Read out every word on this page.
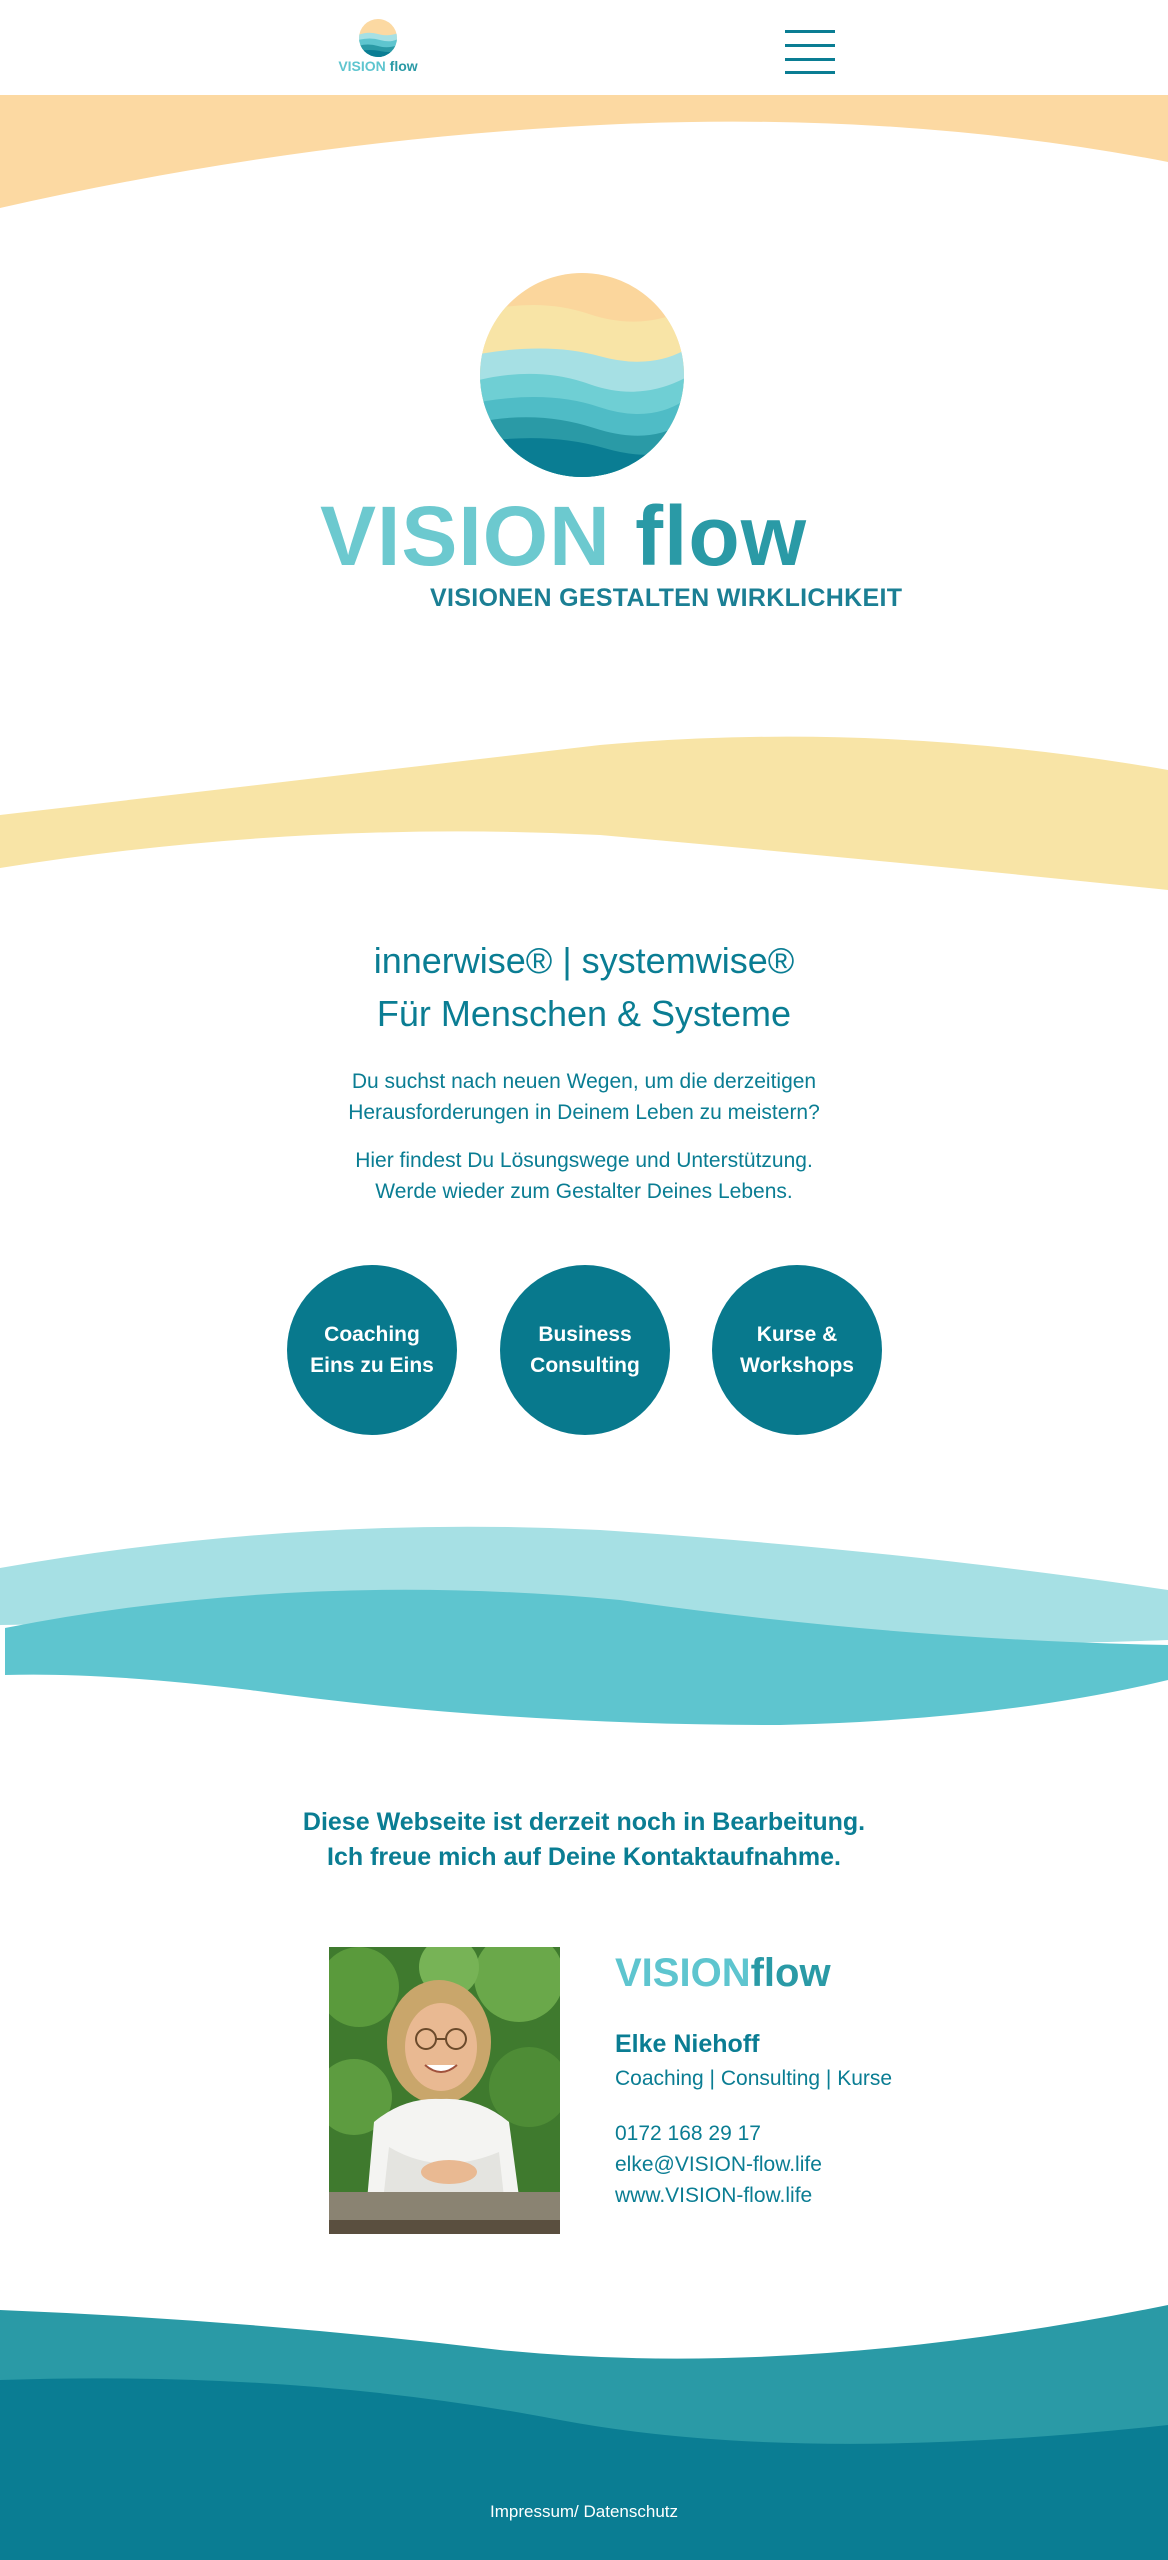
VISION flow
VISION flow
VISIONEN GESTALTEN WIRKLICHKEIT
innerwise® | systemwise®
Für Menschen & Systeme
Du suchst nach neuen Wegen, um die derzeitigen
Herausforderungen in Deinem Leben zu meistern?
Hier findest Du Lösungswege und Unterstützung.
Werde wieder zum Gestalter Deines Lebens.
Coaching
Eins zu Eins
Business
Consulting
Kurse &
Workshops
Diese Webseite ist derzeit noch in Bearbeitung.
Ich freue mich auf Deine Kontaktaufnahme.
VISIONflow
Elke Niehoff
Coaching | Consulting | Kurse
0172 168 29 17
elke@VISION-flow.life
www.VISION-flow.life
Impressum/ Datenschutz
